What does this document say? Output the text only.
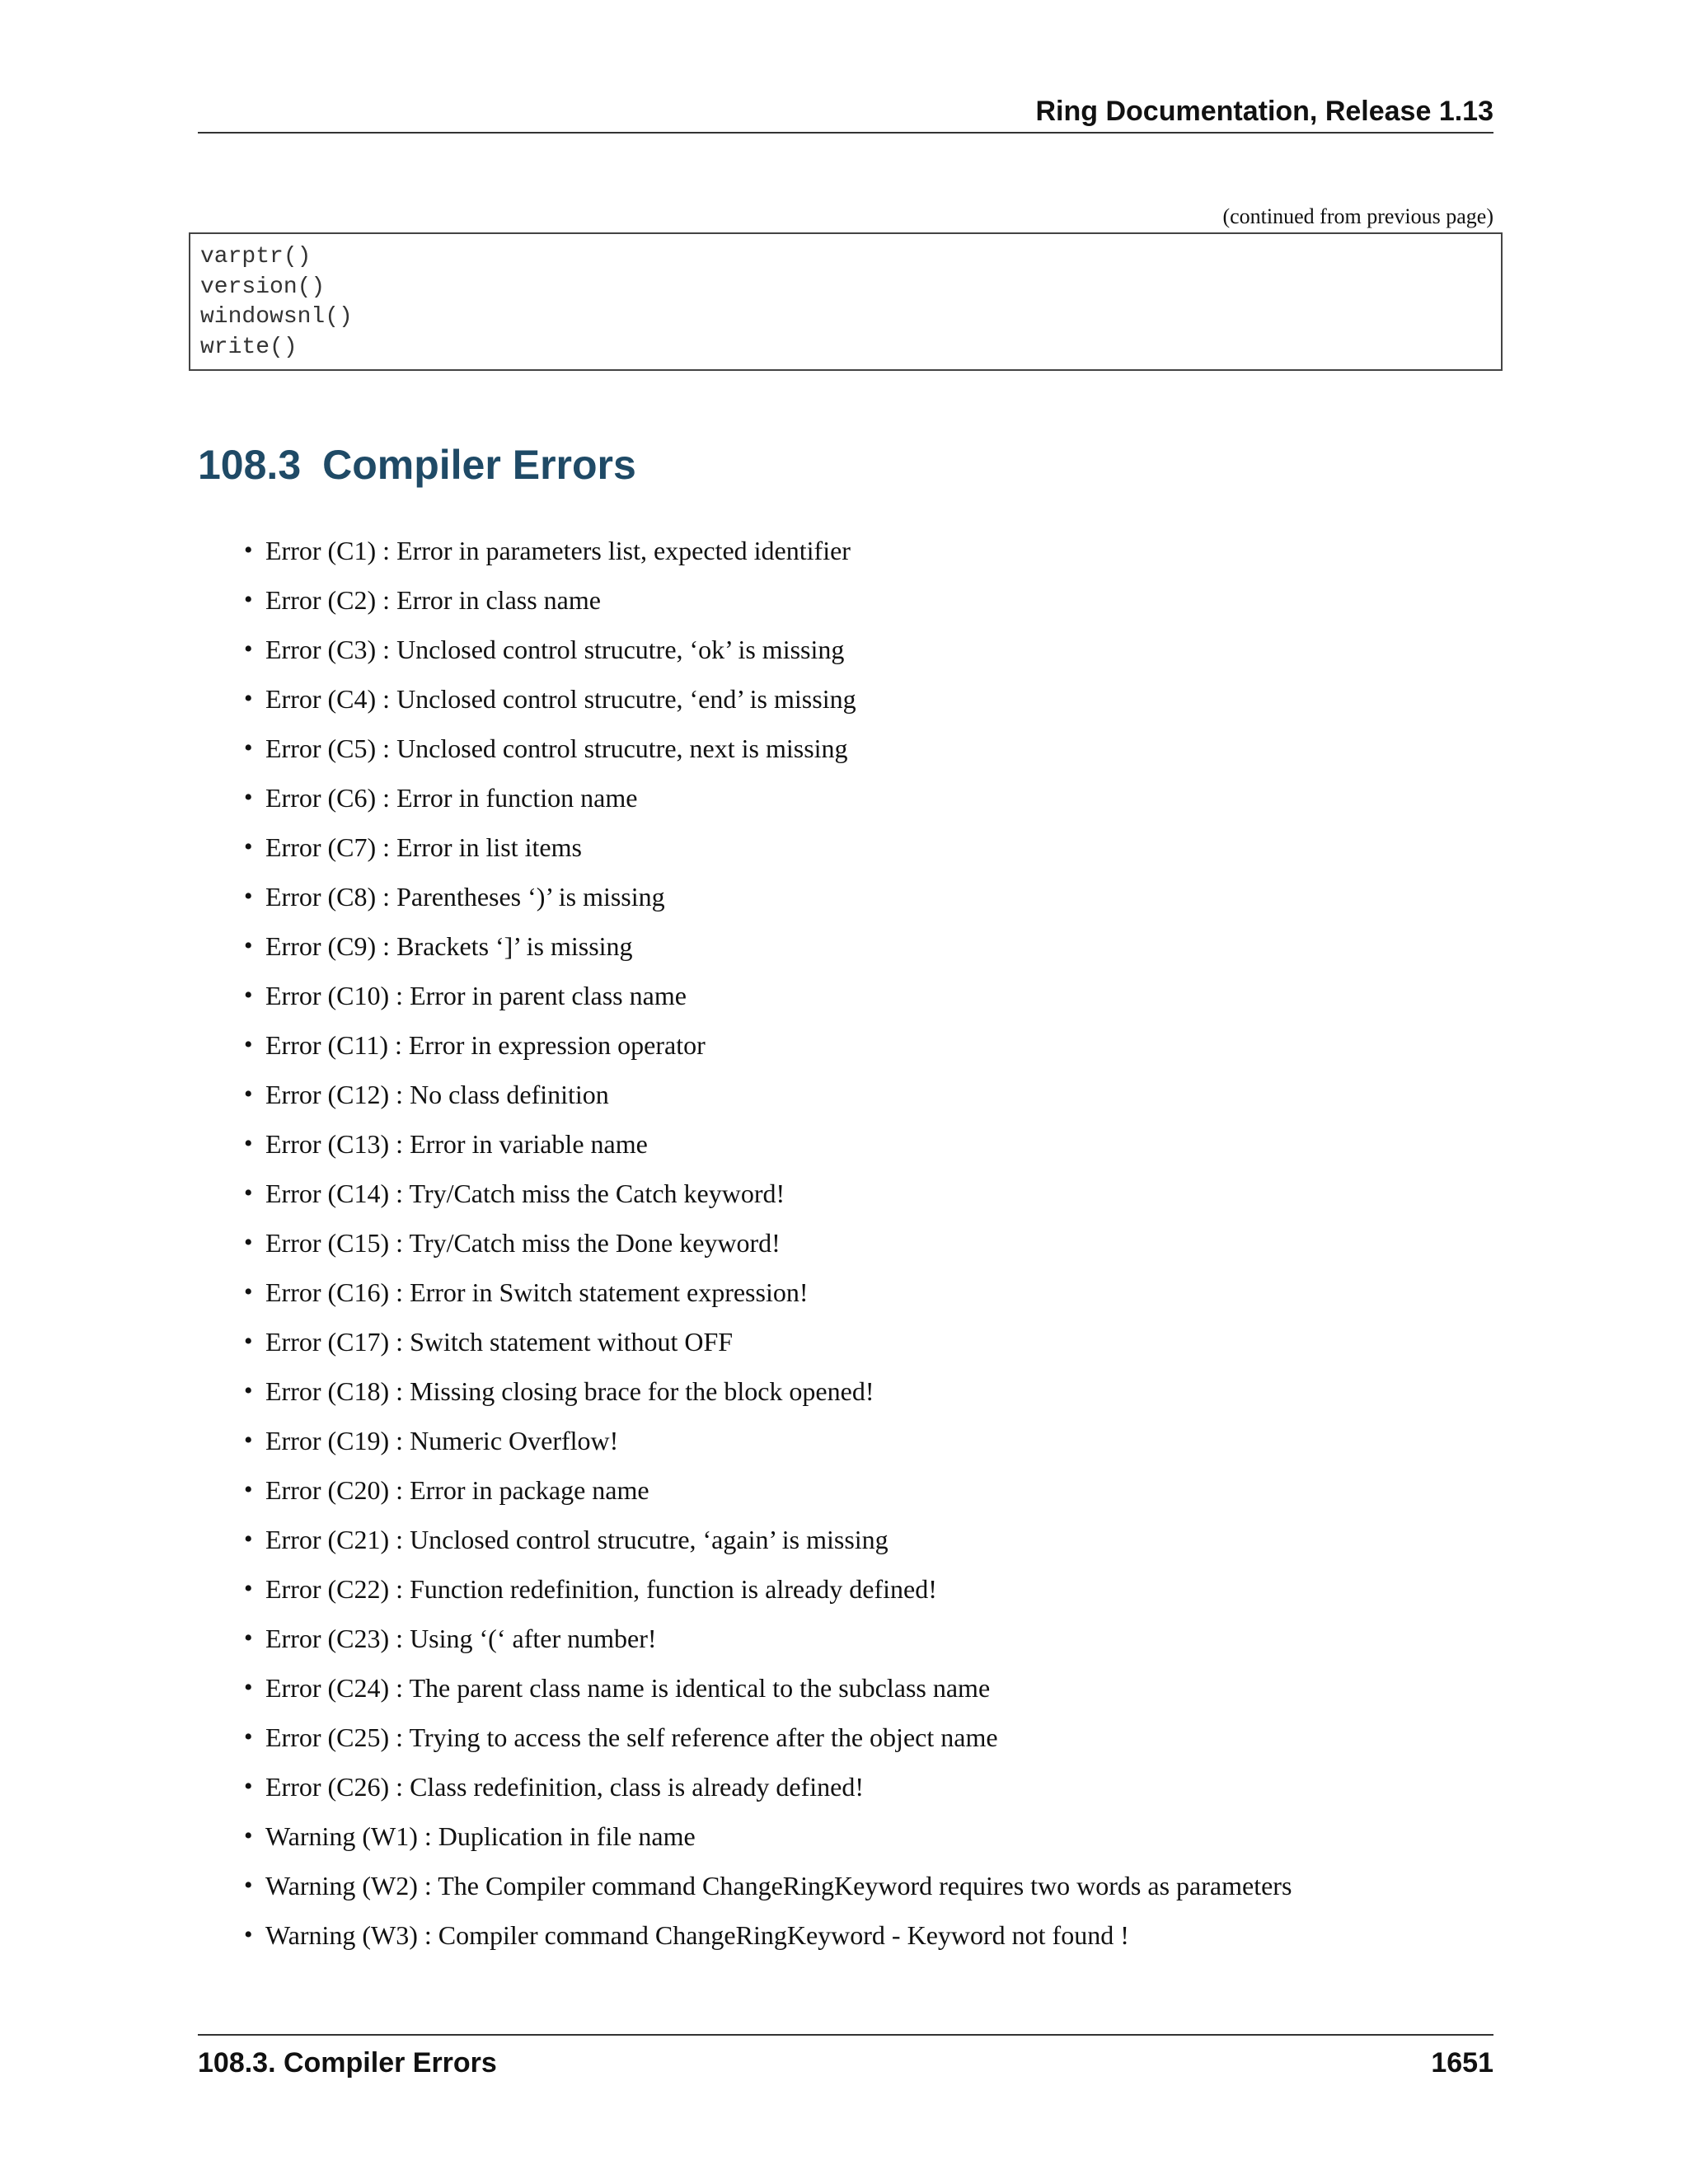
Ring Documentation, Release 1.13
(continued from previous page)
varptr()
version()
windowsnl()
write()
108.3 Compiler Errors
• Error (C1) : Error in parameters list, expected identifier
• Error (C2) : Error in class name
• Error (C3) : Unclosed control strucutre, ‘ok’ is missing
• Error (C4) : Unclosed control strucutre, ‘end’ is missing
• Error (C5) : Unclosed control strucutre, next is missing
• Error (C6) : Error in function name
• Error (C7) : Error in list items
• Error (C8) : Parentheses ‘)’ is missing
• Error (C9) : Brackets ‘]’ is missing
• Error (C10) : Error in parent class name
• Error (C11) : Error in expression operator
• Error (C12) : No class definition
• Error (C13) : Error in variable name
• Error (C14) : Try/Catch miss the Catch keyword!
• Error (C15) : Try/Catch miss the Done keyword!
• Error (C16) : Error in Switch statement expression!
• Error (C17) : Switch statement without OFF
• Error (C18) : Missing closing brace for the block opened!
• Error (C19) : Numeric Overflow!
• Error (C20) : Error in package name
• Error (C21) : Unclosed control strucutre, ‘again’ is missing
• Error (C22) : Function redefinition, function is already defined!
• Error (C23) : Using ‘(‘ after number!
• Error (C24) : The parent class name is identical to the subclass name
• Error (C25) : Trying to access the self reference after the object name
• Error (C26) : Class redefinition, class is already defined!
• Warning (W1) : Duplication in file name
• Warning (W2) : The Compiler command ChangeRingKeyword requires two words as parameters
• Warning (W3) : Compiler command ChangeRingKeyword - Keyword not found !
108.3. Compiler Errors	1651
